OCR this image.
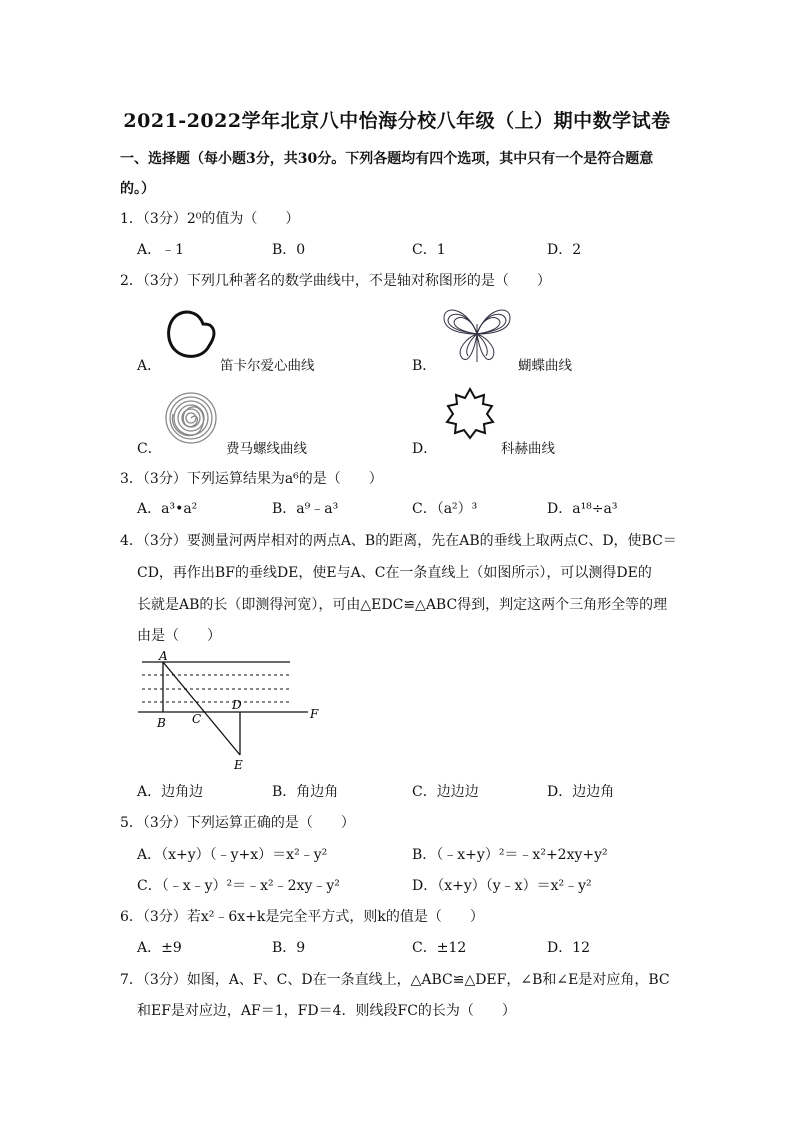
2021-2022学年北京八中怡海分校八年级（上）期中数学试卷
一、选择题（每小题3分，共30分。下列各题均有四个选项，其中只有一个是符合题意
的。）
1．（3分）2⁰的值为（　　）
A．﹣1	B．0	C．1	D．2
2．（3分）下列几种著名的数学曲线中，不是轴对称图形的是（　　）
A．	笛卡尔爱心曲线	B．	蝴蝶曲线
C．	费马螺线曲线	D．	科赫曲线
3．（3分）下列运算结果为a⁶的是（　　）
A．a³•a²	B．a⁹﹣a³	C．（a²）³	D．a¹⁸÷a³
4．（3分）要测量河两岸相对的两点A、B的距离，先在AB的垂线上取两点C、D，使BC＝
CD，再作出BF的垂线DE，使E与A、C在一条直线上（如图所示），可以测得DE的
长就是AB的长（即测得河宽），可由△EDC≌△ABC得到，判定这两个三角形全等的理
由是（　　）
A
B C
D
E
F
A．边角边	B．角边角	C．边边边	D．边边角
5．（3分）下列运算正确的是（　　）
A．（x+y）（﹣y+x）＝x²﹣y²	B．（﹣x+y）²＝﹣x²+2xy+y²
C．（﹣x﹣y）²＝﹣x²﹣2xy﹣y²	D．（x+y）（y﹣x）＝x²﹣y²
6．（3分）若x²﹣6x+k是完全平方式，则k的值是（　　）
A．±9	B．9	C．±12	D．12
7．（3分）如图，A、F、C、D在一条直线上，△ABC≌△DEF，∠B和∠E是对应角，BC
和EF是对应边，AF＝1，FD＝4．则线段FC的长为（　　）
